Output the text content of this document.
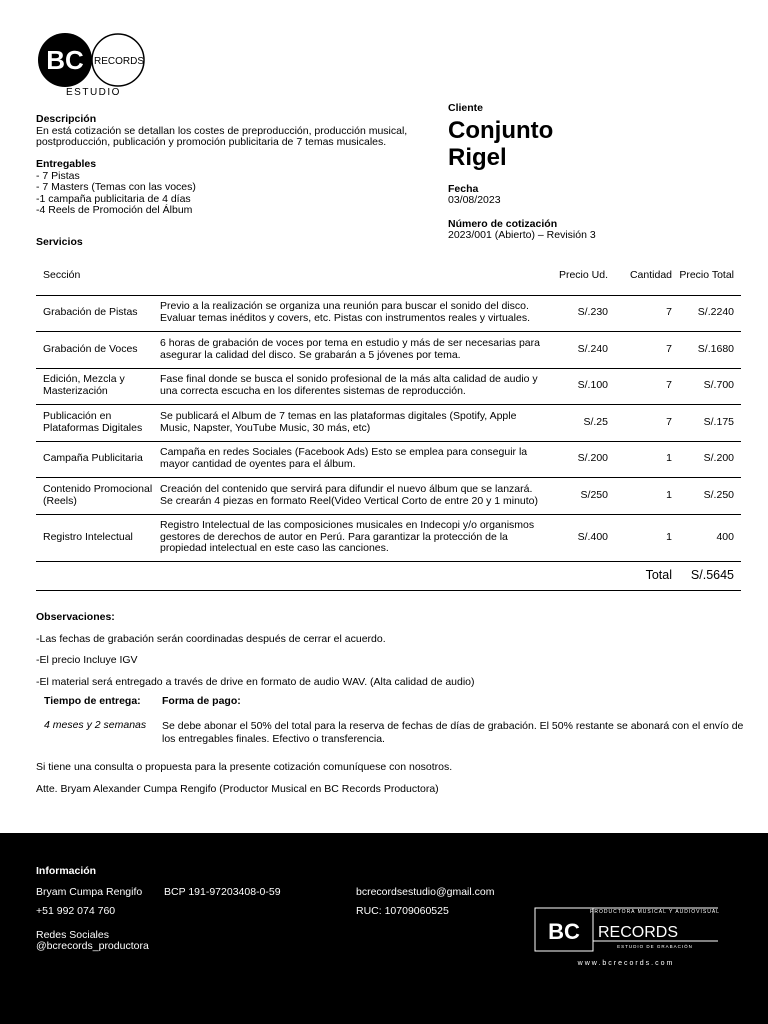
BC RECORDS
ESTUDIO
Descripción
En está cotización se detallan los costes de preproducción, producción musical, postproducción, publicación y promoción publicitaria de 7 temas musicales.
Entregables
- 7 Pistas
- 7 Masters (Temas con las voces)
-1 campaña publicitaria de 4 días
-4 Reels de Promoción del Álbum
Servicios
Cliente
Conjunto Rigel
Fecha
03/08/2023
Número de cotización
2023/001 (Abierto) – Revisión 3
Sección		Precio Ud.	Cantidad	Precio Total
Grabación de Pistas	Previo a la realización se organiza una reunión para buscar el sonido del disco. Evaluar temas inéditos y covers, etc. Pistas con instrumentos reales y virtuales.	S/.230	7	S/.2240
Grabación de Voces	6 horas de grabación de voces por tema en estudio y más de ser necesarias para asegurar la calidad del disco. Se grabarán a 5 jóvenes por tema.	S/.240	7	S/.1680
Edición, Mezcla y Masterización	Fase final donde se busca el sonido profesional de la más alta calidad de audio y una correcta escucha en los diferentes sistemas de reproducción.	S/.100	7	S/.700
Publicación en Plataformas Digitales	Se publicará el Album de 7 temas en las plataformas digitales (Spotify, Apple Music, Napster, YouTube Music, 30 más, etc)	S/.25	7	S/.175
Campaña Publicitaria	Campaña en redes Sociales (Facebook Ads) Esto se emplea para conseguir la mayor cantidad de oyentes para el álbum.	S/.200	1	S/.200
Contenido Promocional (Reels)	Creación del contenido que servirá para difundir el nuevo álbum que se lanzará. Se crearán 4 piezas en formato Reel(Video Vertical Corto de entre 20 y 1 minuto)	S/250	1	S/.250
Registro Intelectual	Registro Intelectual de las composiciones musicales en Indecopi y/o organismos gestores de derechos de autor en Perú. Para garantizar la protección de la propiedad intelectual en este caso las canciones.	S/.400	1	400
			Total	S/.5645

Observaciones:

-Las fechas de grabación serán coordinadas después de cerrar el acuerdo.

-El precio Incluye IGV

-El material será entregado a través de drive en formato de audio WAV. (Alta calidad de audio)

Tiempo de entrega:	Forma de pago:
4 meses y 2 semanas	Se debe abonar el 50% del total para la reserva de fechas de días de grabación. El 50% restante se abonará con el envío de los entregables finales. Efectivo o transferencia.

Si tiene una consulta o propuesta para la presente cotización comuníquese con nosotros.

Atte. Bryam Alexander Cumpa Rengifo (Productor Musical en BC Records Productora)

Información
Bryam Cumpa Rengifo BCP 191-97203408-0-59	bcrecordsestudio@gmail.com
+51 992 074 760	RUC: 10709060525
Redes Sociales
@bcrecords_productora
PRODUCTORA MUSICAL Y AUDIOVISUAL
BC RECORDS
ESTUDIO DE GRABACIÓN
www.bcrecords.com
